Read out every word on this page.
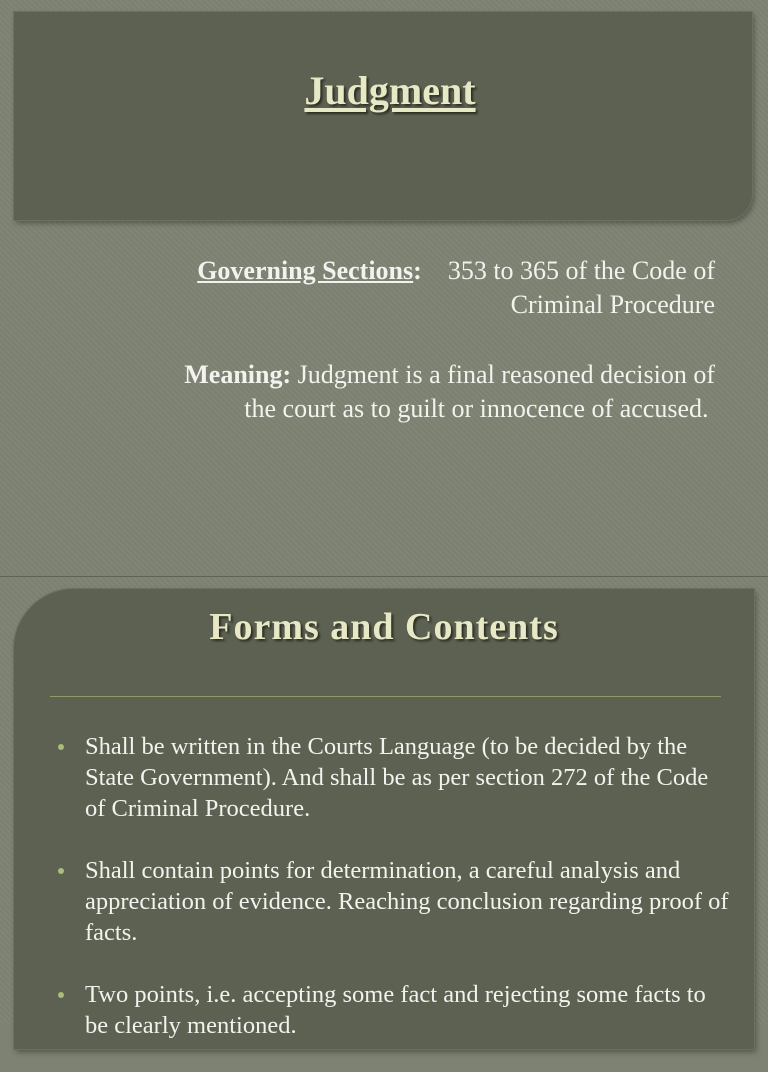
Judgment
Governing Sections: 353 to 365 of the Code of
Criminal Procedure
Meaning: Judgment is a final reasoned decision of
the court as to guilt or innocence of accused.
Forms and Contents
Shall be written in the Courts Language (to be decided by the State Government). And shall be as per section 272 of the Code of Criminal Procedure.
Shall contain points for determination, a careful analysis and appreciation of evidence. Reaching conclusion regarding proof of facts.
Two points, i.e. accepting some fact and rejecting some facts to be clearly mentioned.
